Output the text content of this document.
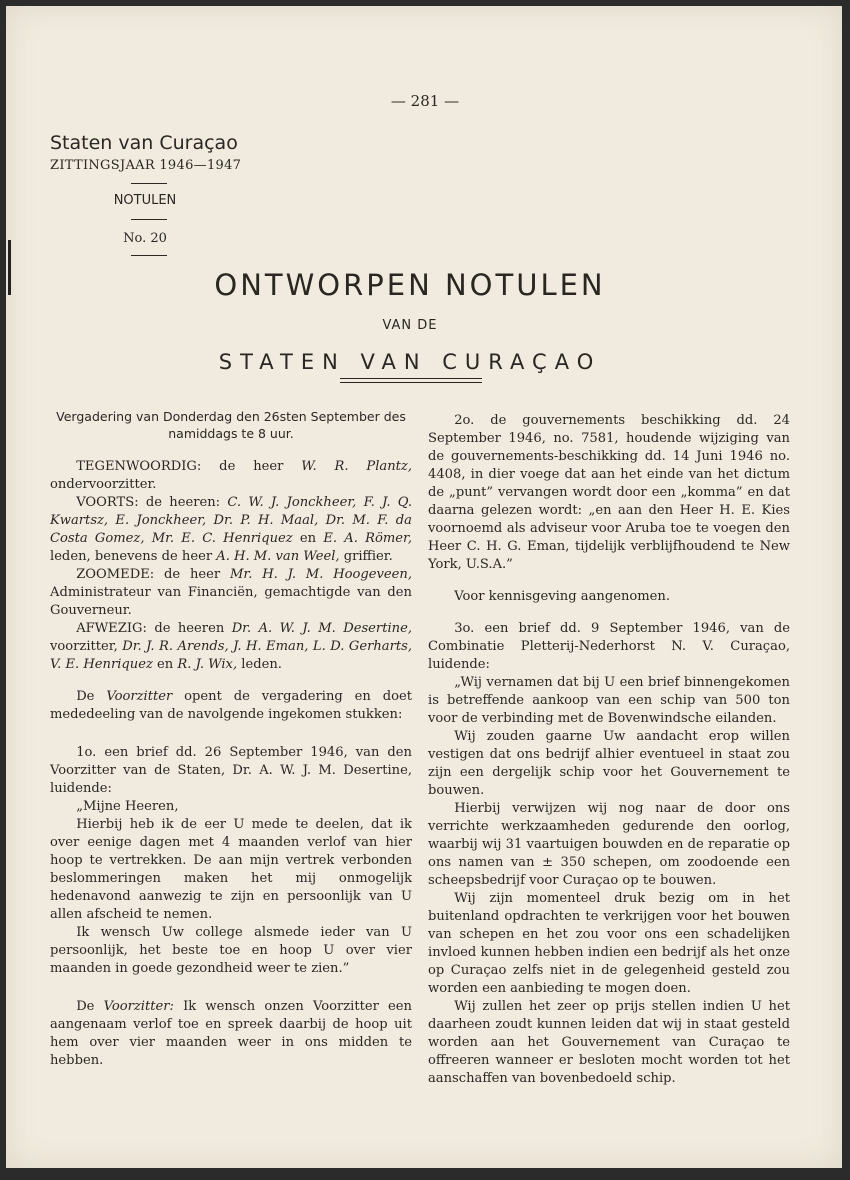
— 281 —
Staten van Curaçao
ZITTINGSJAAR 1946—1947
NOTULEN
No. 20
ONTWORPEN NOTULEN
VAN DE
STATEN VAN CURAÇAO

Vergadering van Donderdag den 26sten September des namiddags te 8 uur.

TEGENWOORDIG: de heer W. R. Plantz, ondervoorzitter.

VOORTS: de heeren: C. W. J. Jonckheer, F. J. Q. Kwartsz, E. Jonckheer, Dr. P. H. Maal, Dr. M. F. da Costa Gomez, Mr. E. C. Henriquez en E. A. Römer, leden, benevens de heer A. H. M. van Weel, griffier.

ZOOMEDE: de heer Mr. H. J. M. Hoogeveen, Administrateur van Financiën, gemachtigde van den Gouverneur.

AFWEZIG: de heeren Dr. A. W. J. M. Desertine, voorzitter, Dr. J. R. Arends, J. H. Eman, L. D. Gerharts, V. E. Henriquez en R. J. Wix, leden.

De Voorzitter opent de vergadering en doet mededeeling van de navolgende ingekomen stukken:

1o. een brief dd. 26 September 1946, van den Voorzitter van de Staten, Dr. A. W. J. M. Desertine, luidende:

„Mijne Heeren,

Hierbij heb ik de eer U mede te deelen, dat ik over eenige dagen met 4 maanden verlof van hier hoop te vertrekken. De aan mijn vertrek verbonden beslommeringen maken het mij onmogelijk hedenavond aanwezig te zijn en persoonlijk van U allen afscheid te nemen.

Ik wensch Uw college alsmede ieder van U persoonlijk, het beste toe en hoop U over vier maanden in goede gezondheid weer te zien.”

De Voorzitter: Ik wensch onzen Voorzitter een aangenaam verlof toe en spreek daarbij de hoop uit hem over vier maanden weer in ons midden te hebben.

2o. de gouvernements beschikking dd. 24 September 1946, no. 7581, houdende wijziging van de gouvernements-beschikking dd. 14 Juni 1946 no. 4408, in dier voege dat aan het einde van het dictum de „punt” vervangen wordt door een „komma” en dat daarna gelezen wordt: „en aan den Heer H. E. Kies voornoemd als adviseur voor Aruba toe te voegen den Heer C. H. G. Eman, tijdelijk verblijfhoudend te New York, U.S.A.”

Voor kennisgeving aangenomen.

3o. een brief dd. 9 September 1946, van de Combinatie Pletterij-Nederhorst N. V. Curaçao, luidende:

„Wij vernamen dat bij U een brief binnengekomen is betreffende aankoop van een schip van 500 ton voor de verbinding met de Bovenwindsche eilanden.

Wij zouden gaarne Uw aandacht erop willen vestigen dat ons bedrijf alhier eventueel in staat zou zijn een dergelijk schip voor het Gouvernement te bouwen.

Hierbij verwijzen wij nog naar de door ons verrichte werkzaamheden gedurende den oorlog, waarbij wij 31 vaartuigen bouwden en de reparatie op ons namen van ± 350 schepen, om zoodoende een scheepsbedrijf voor Curaçao op te bouwen.

Wij zijn momenteel druk bezig om in het buitenland opdrachten te verkrijgen voor het bouwen van schepen en het zou voor ons een schadelijken invloed kunnen hebben indien een bedrijf als het onze op Curaçao zelfs niet in de gelegenheid gesteld zou worden een aanbieding te mogen doen.

Wij zullen het zeer op prijs stellen indien U het daarheen zoudt kunnen leiden dat wij in staat gesteld worden aan het Gouvernement van Curaçao te offreeren wanneer er besloten mocht worden tot het aanschaffen van bovenbedoeld schip.
